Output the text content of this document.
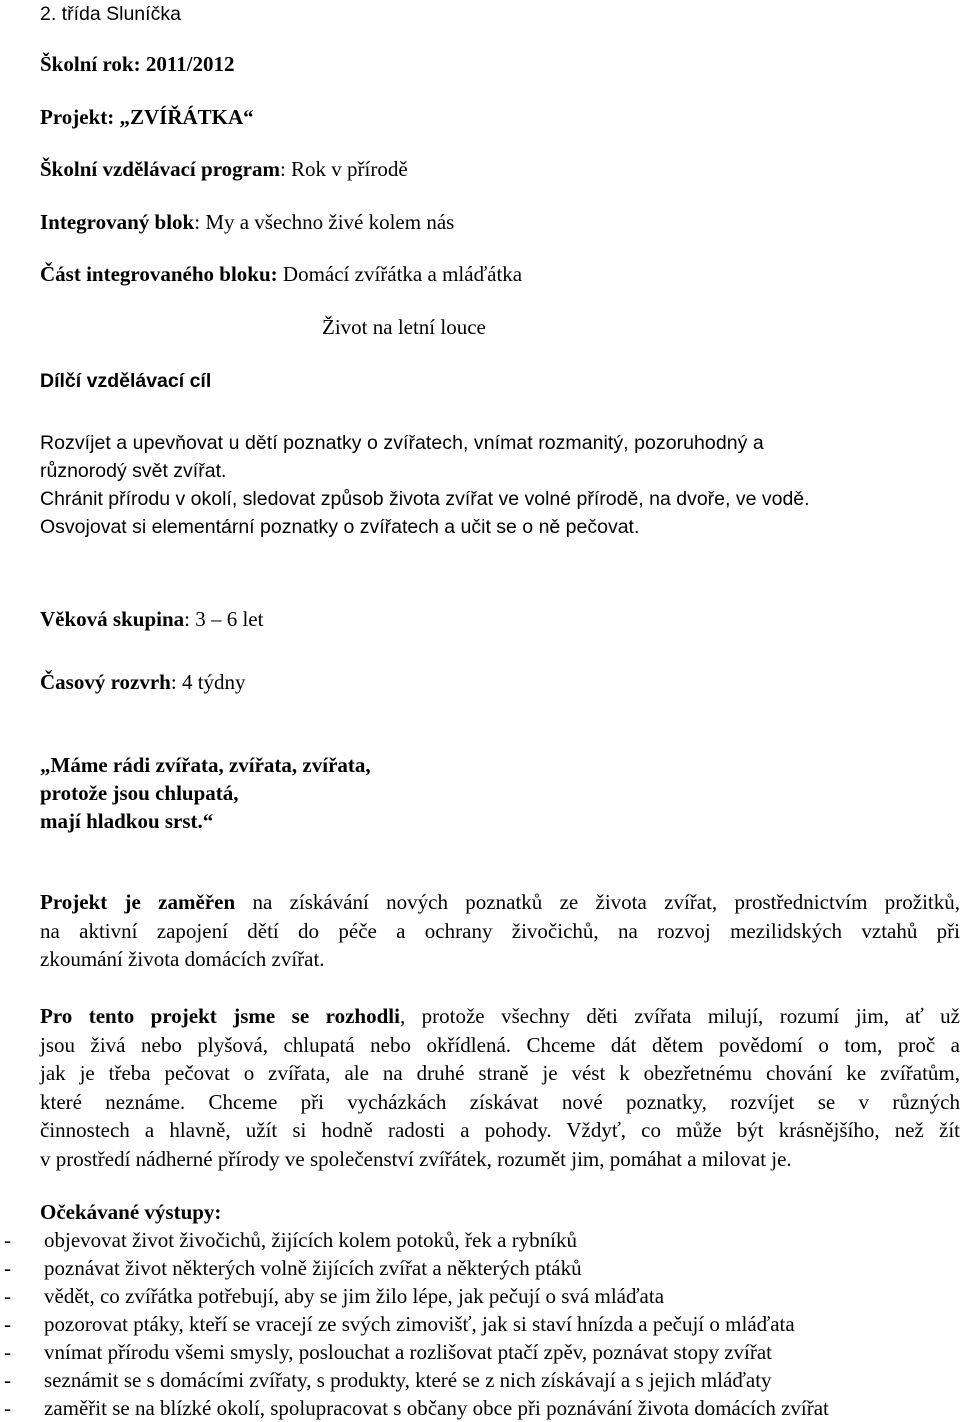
2. třída Sluníčka
Školní rok: 2011/2012
Projekt: „ZVÍŘÁTKA“
Školní vzdělávací program: Rok v přírodě
Integrovaný blok: My a všechno živé kolem nás
Část integrovaného bloku: Domácí zvířátka a mláďátka
Život na letní louce
Dílčí vzdělávací cíl
Rozvíjet a upevňovat u dětí poznatky o zvířatech, vnímat rozmanitý, pozoruhodný a
různorodý svět zvířat.
Chránit přírodu v okolí, sledovat způsob života zvířat ve volné přírodě, na dvoře, ve vodě.
Osvojovat si elementární poznatky o zvířatech a učit se o ně pečovat.
Věková skupina: 3 – 6 let
Časový rozvrh: 4 týdny
„Máme rádi zvířata, zvířata, zvířata,
protože jsou chlupatá,
mají hladkou srst.“
Projekt je zaměřen na získávání nových poznatků ze života zvířat, prostřednictvím prožitků,
na aktivní zapojení dětí do péče a ochrany živočichů, na rozvoj mezilidských vztahů při
zkoumání života domácích zvířat.
Pro tento projekt jsme se rozhodli, protože všechny děti zvířata milují, rozumí jim, ať už
jsou živá nebo plyšová, chlupatá nebo okřídlená. Chceme dát dětem povědomí o tom, proč a
jak je třeba pečovat o zvířata, ale na druhé straně je vést k obezřetnému chování ke zvířatům,
které neznáme. Chceme při vycházkách získávat nové poznatky, rozvíjet se v různých
činnostech a hlavně, užít si hodně radosti a pohody. Vždyť, co může být krásnějšího, než žít
v prostředí nádherné přírody ve společenství zvířátek, rozumět jim, pomáhat a milovat je.
Očekávané výstupy:
- objevovat život živočichů, žijících kolem potoků, řek a rybníků
- poznávat život některých volně žijících zvířat a některých ptáků
- vědět, co zvířátka potřebují, aby se jim žilo lépe, jak pečují o svá mláďata
- pozorovat ptáky, kteří se vracejí ze svých zimovišť, jak si staví hnízda a pečují o mláďata
- vnímat přírodu všemi smysly, poslouchat a rozlišovat ptačí zpěv, poznávat stopy zvířat
- seznámit se s domácími zvířaty, s produkty, které se z nich získávají a s jejich mláďaty
- zaměřit se na blízké okolí, spolupracovat s občany obce při poznávání života domácích zvířat
